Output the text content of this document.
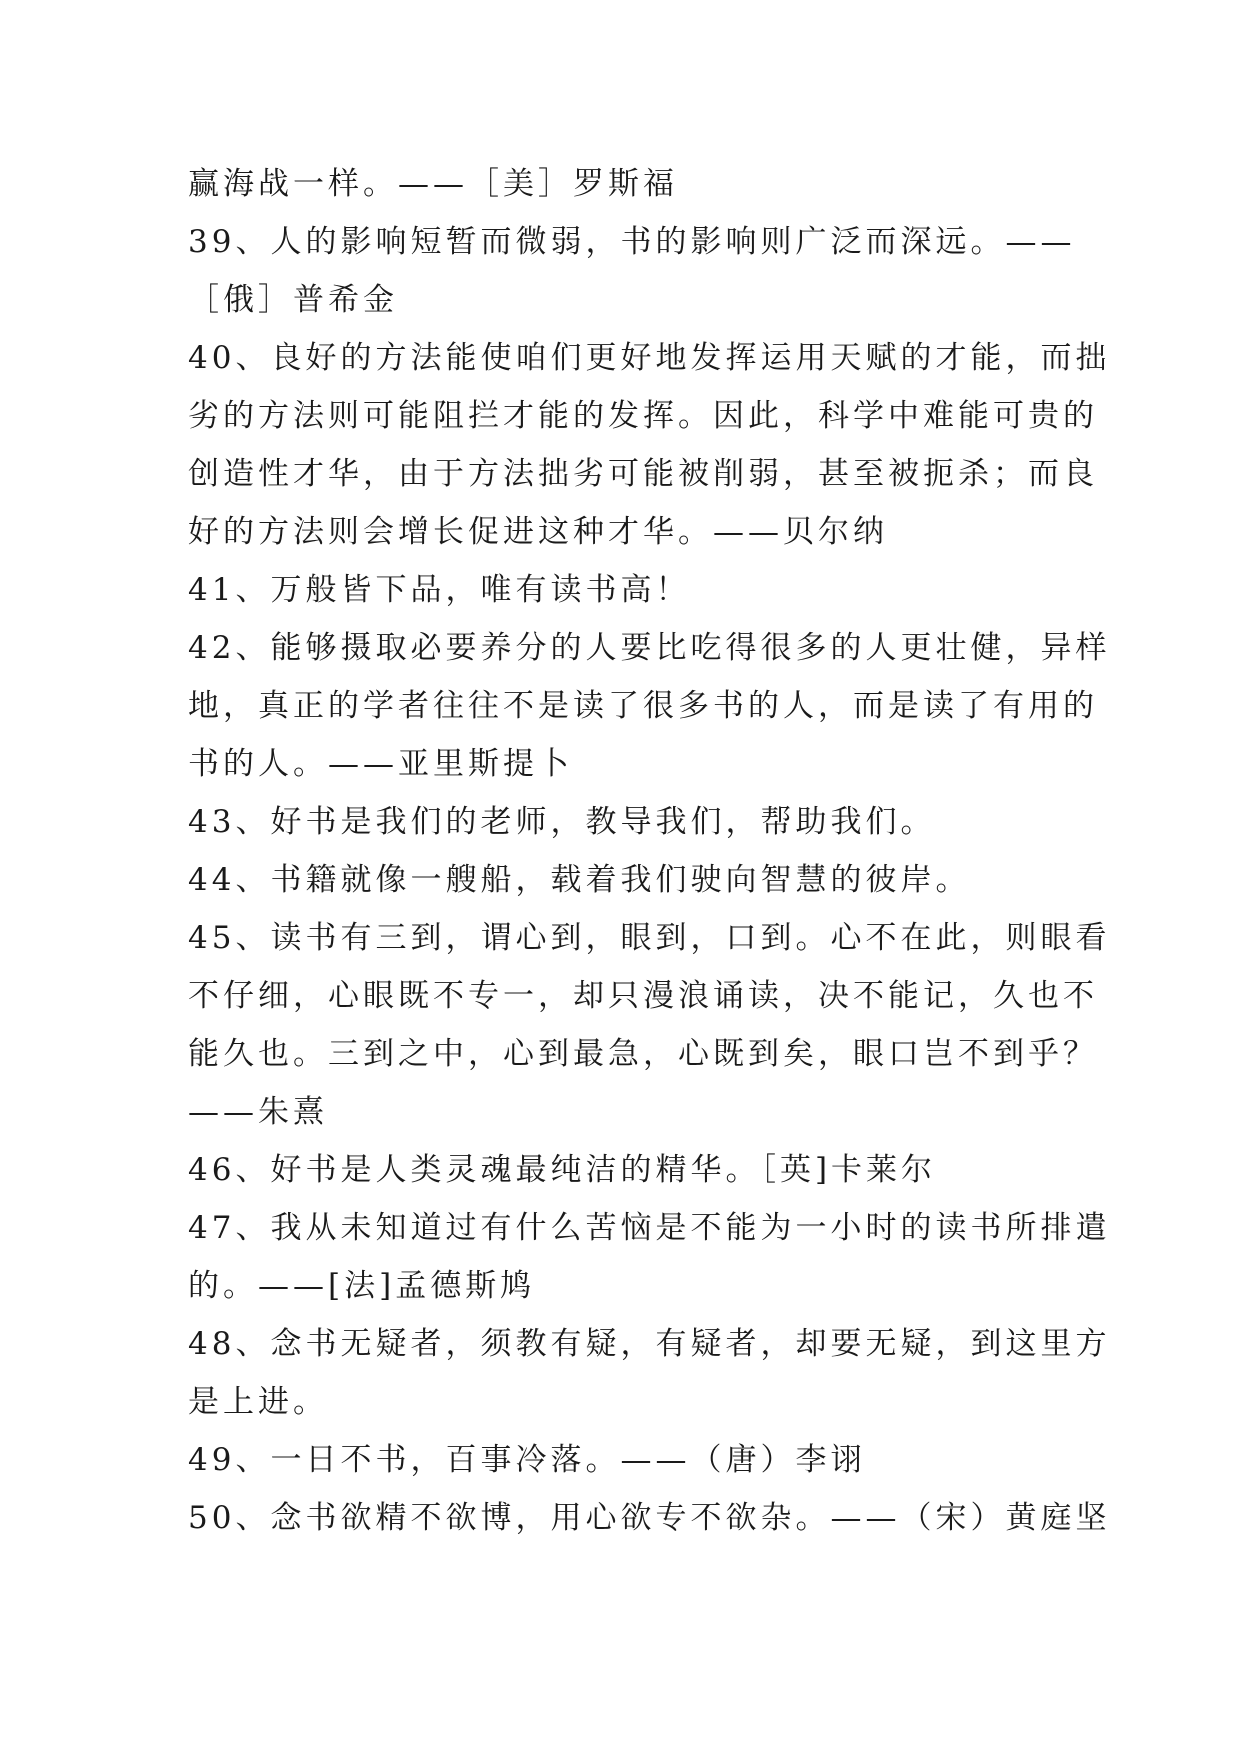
赢海战一样。——［美］罗斯福
39、人的影响短暂而微弱，书的影响则广泛而深远。——
［俄］普希金
40、良好的方法能使咱们更好地发挥运用天赋的才能，而拙
劣的方法则可能阻拦才能的发挥。因此，科学中难能可贵的
创造性才华，由于方法拙劣可能被削弱，甚至被扼杀；而良
好的方法则会增长促进这种才华。——贝尔纳
41、万般皆下品，唯有读书高！
42、能够摄取必要养分的人要比吃得很多的人更壮健，异样
地，真正的学者往往不是读了很多书的人，而是读了有用的
书的人。——亚里斯提卜
43、好书是我们的老师，教导我们，帮助我们。
44、书籍就像一艘船，载着我们驶向智慧的彼岸。
45、读书有三到，谓心到，眼到，口到。心不在此，则眼看
不仔细，心眼既不专一，却只漫浪诵读，决不能记，久也不
能久也。三到之中，心到最急，心既到矣，眼口岂不到乎？
——朱熹
46、好书是人类灵魂最纯洁的精华。［英]卡莱尔
47、我从未知道过有什么苦恼是不能为一小时的读书所排遣
的。——[法]孟德斯鸠
48、念书无疑者，须教有疑，有疑者，却要无疑，到这里方
是上进。
49、一日不书，百事冷落。——（唐）李诩
50、念书欲精不欲博，用心欲专不欲杂。——（宋）黄庭坚
